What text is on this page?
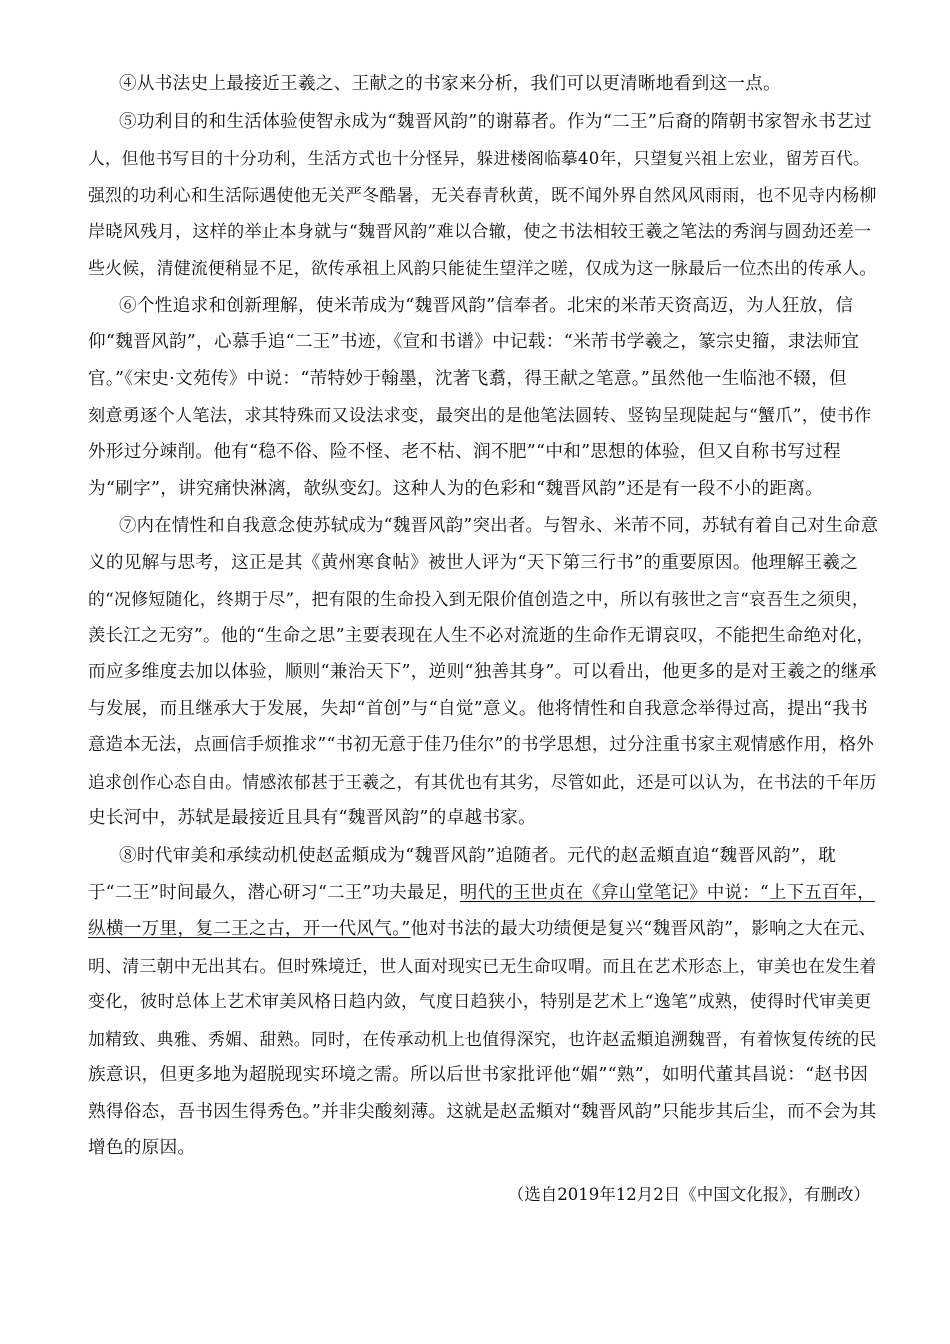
④从书法史上最接近王羲之、王献之的书家来分析，我们可以更清晰地看到这一点。
⑤功利目的和生活体验使智永成为“魏晋风韵”的谢幕者。作为“二王”后裔的隋朝书家智永书艺过
人，但他书写目的十分功利，生活方式也十分怪异，躲进楼阁临摹40年，只望复兴祖上宏业，留芳百代。
强烈的功利心和生活际遇使他无关严冬酷暑，无关春青秋黄，既不闻外界自然风风雨雨，也不见寺内杨柳
岸晓风残月，这样的举止本身就与“魏晋风韵”难以合辙，使之书法相较王羲之笔法的秀润与圆劲还差一
些火候，清健流便稍显不足，欲传承祖上风韵只能徒生望洋之嗟，仅成为这一脉最后一位杰出的传承人。
⑥个性追求和创新理解，使米芾成为“魏晋风韵”信奉者。北宋的米芾天资高迈，为人狂放，信
仰“魏晋风韵”，心慕手追“二王”书迹，《宣和书谱》中记载：“米芾书学羲之，篆宗史籀，隶法师宜
官。”《宋史·文苑传》中说：“芾特妙于翰墨，沈著飞翥，得王献之笔意。”虽然他一生临池不辍，但
刻意勇逐个人笔法，求其特殊而又设法求变，最突出的是他笔法圆转、竖钩呈现陡起与“蟹爪”，使书作
外形过分竦削。他有“稳不俗、险不怪、老不枯、润不肥”“中和”思想的体验，但又自称书写过程
为“刷字”，讲究痛快淋漓，欹纵变幻。这种人为的色彩和“魏晋风韵”还是有一段不小的距离。
⑦内在情性和自我意念使苏轼成为“魏晋风韵”突出者。与智永、米芾不同，苏轼有着自己对生命意
义的见解与思考，这正是其《黄州寒食帖》被世人评为“天下第三行书”的重要原因。他理解王羲之
的“况修短随化，终期于尽”，把有限的生命投入到无限价值创造之中，所以有骇世之言“哀吾生之须臾，
羡长江之无穷”。他的“生命之思”主要表现在人生不必对流逝的生命作无谓哀叹，不能把生命绝对化，
而应多维度去加以体验，顺则“兼治天下”，逆则“独善其身”。可以看出，他更多的是对王羲之的继承
与发展，而且继承大于发展，失却“首创”与“自觉”意义。他将情性和自我意念举得过高，提出“我书
意造本无法，点画信手烦推求”“书初无意于佳乃佳尔”的书学思想，过分注重书家主观情感作用，格外
追求创作心态自由。情感浓郁甚于王羲之，有其优也有其劣，尽管如此，还是可以认为，在书法的千年历
史长河中，苏轼是最接近且具有“魏晋风韵”的卓越书家。
⑧时代审美和承续动机使赵孟頫成为“魏晋风韵”追随者。元代的赵孟頫直追“魏晋风韵”，耽
于“二王”时间最久，潜心研习“二王”功夫最足，明代的王世贞在《弇山堂笔记》中说：“上下五百年，
纵横一万里，复二王之古，开一代风气。”他对书法的最大功绩便是复兴“魏晋风韵”，影响之大在元、
明、清三朝中无出其右。但时殊境迁，世人面对现实已无生命叹喟。而且在艺术形态上，审美也在发生着
变化，彼时总体上艺术审美风格日趋内敛，气度日趋狭小，特别是艺术上“逸笔”成熟，使得时代审美更
加精致、典雅、秀媚、甜熟。同时，在传承动机上也值得深究，也许赵孟頫追溯魏晋，有着恢复传统的民
族意识，但更多地为超脱现实环境之需。所以后世书家批评他“媚”“熟”，如明代董其昌说：“赵书因
熟得俗态，吾书因生得秀色。”并非尖酸刻薄。这就是赵孟頫对“魏晋风韵”只能步其后尘，而不会为其
增色的原因。
（选自2019年12月2日《中国文化报》，有删改）
